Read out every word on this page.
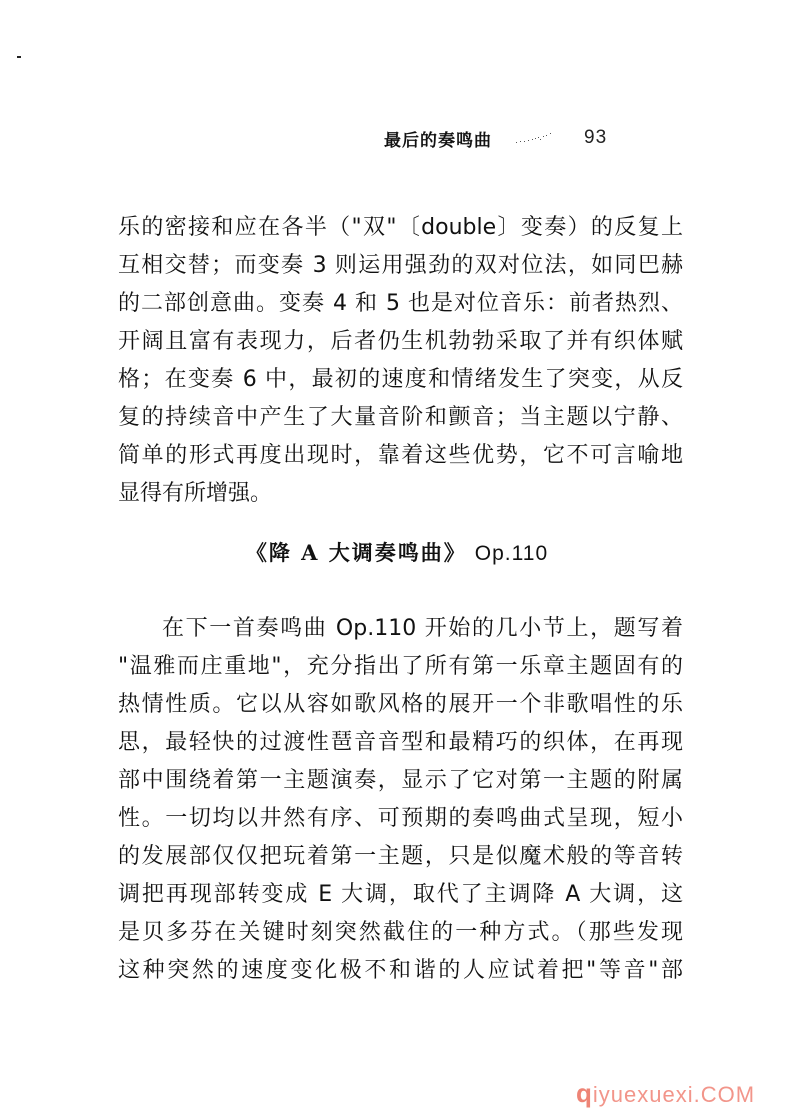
最后的奏鸣曲	93
乐的密接和应在各半（"双"〔double〕变奏）的反复上
互相交替；而变奏 3 则运用强劲的双对位法，如同巴赫
的二部创意曲。变奏 4 和 5 也是对位音乐：前者热烈、
开阔且富有表现力，后者仍生机勃勃采取了并有织体赋
格；在变奏 6 中，最初的速度和情绪发生了突变，从反
复的持续音中产生了大量音阶和颤音；当主题以宁静、
简单的形式再度出现时，靠着这些优势，它不可言喻地
显得有所增强。
《降 A 大调奏鸣曲》 Op.110
在下一首奏鸣曲 Op.110 开始的几小节上，题写着
"温雅而庄重地"，充分指出了所有第一乐章主题固有的
热情性质。它以从容如歌风格的展开一个非歌唱性的乐
思，最轻快的过渡性琶音音型和最精巧的织体，在再现
部中围绕着第一主题演奏，显示了它对第一主题的附属
性。一切均以井然有序、可预期的奏鸣曲式呈现，短小
的发展部仅仅把玩着第一主题，只是似魔术般的等音转
调把再现部转变成 E 大调，取代了主调降 A 大调，这
是贝多芬在关键时刻突然截住的一种方式。（那些发现
这种突然的速度变化极不和谐的人应试着把"等音"部
qiyuexuexi.COM
